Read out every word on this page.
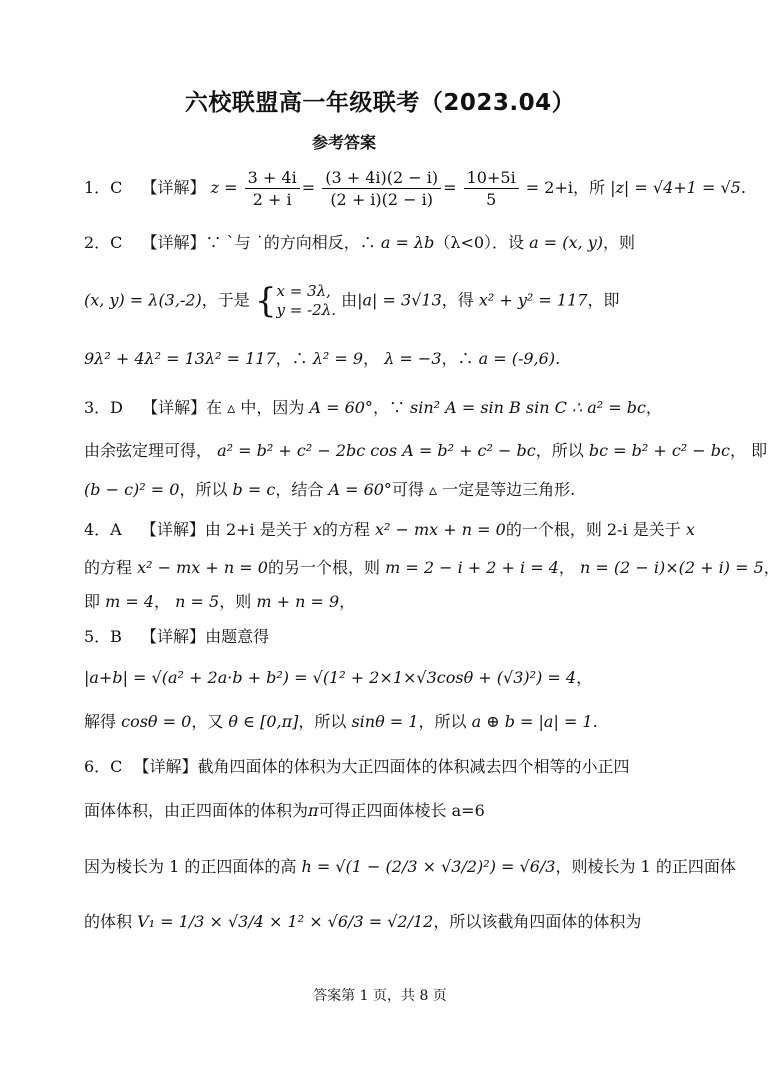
六校联盟高一年级联考（2023.04）
参考答案
1．C 【详解】 $z = \frac{3 + 4i}{2 + i} = \frac{(3 + 4i)(2 - i)}{(2 + i)(2 - i)} = \frac{10+5i}{5} = 2+i$，所 |z| = √4+1 = √5.
2．C 【详解】∵ ˋ与 ˙的方向相反，∴ a = λb（λ<0）．设 a = (x, y)，则
(x, y) = λ(3,-2)，于是 { x = 3λ,
y = -2λ.
由|a| = 3√13，得 x² + y² = 117，即
9λ² + 4λ² = 13λ² = 117，∴ λ² = 9， λ = −3，∴ a = (-9,6).
3．D 【详解】在 ▵ 中，因为 A = 60°，∵ sin² A = sin B sin C ∴ a² = bc，
由余弦定理可得， a² = b² + c² − 2bc cos A = b² + c² − bc，所以 bc = b² + c² − bc， 即
(b − c)² = 0，所以 b = c，结合 A = 60°可得 ▵ 一定是等边三角形.
4．A 【详解】由 2+i 是关于 x的方程 x² − mx + n = 0的一个根，则 2-i 是关于 x
的方程 x² − mx + n = 0的另一个根，则 m = 2 − i + 2 + i = 4， n = (2 − i)×(2 + i) = 5，
即 m = 4， n = 5，则 m + n = 9，
5．B 【详解】由题意得
|a+b| = √(a² + 2a·b + b²) = √(1² + 2×1×√3cosθ + (√3)²) = 4，
解得 cosθ = 0，又 θ ∈ [0,π]，所以 sinθ = 1，所以 a ⊕ b = |a| = 1.
6．C 【详解】截角四面体的体积为大正四面体的体积减去四个相等的小正四
面体体积，由正四面体的体积为π可得正四面体棱长 a=6
因为棱长为 1 的正四面体的高 h = √(1 − (2/3 × √3/2)²) = √6/3，则棱长为 1 的正四面体
的体积 V₁ = 1/3 × √3/4 × 1² × √6/3 = √2/12，所以该截角四面体的体积为
答案第 1 页，共 8 页
